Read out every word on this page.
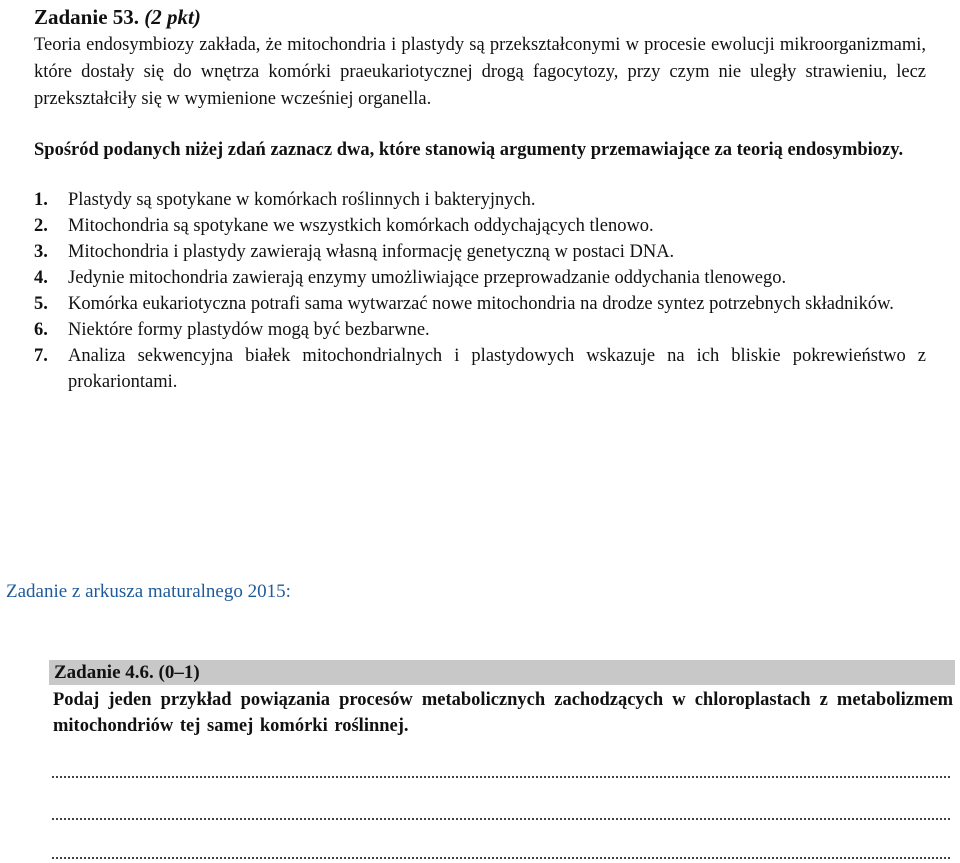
Zadanie 53. (2 pkt)

Teoria endosymbiozy zakłada, że mitochondria i plastydy są przekształconymi w procesie ewolucji mikroorganizmami, które dostały się do wnętrza komórki praeukariotycznej drogą fagocytozy, przy czym nie uległy strawieniu, lecz przekształciły się w wymienione wcześniej organella.

Spośród podanych niżej zdań zaznacz dwa, które stanowią argumenty przemawiające za teorią endosymbiozy.

1.	Plastydy są spotykane w komórkach roślinnych i bakteryjnych.
2.	Mitochondria są spotykane we wszystkich komórkach oddychających tlenowo.
3.	Mitochondria i plastydy zawierają własną informację genetyczną w postaci DNA.
4.	Jedynie mitochondria zawierają enzymy umożliwiające przeprowadzanie oddychania tlenowego.
5.	Komórka eukariotyczna potrafi sama wytwarzać nowe mitochondria na drodze syntez potrzebnych składników.
6.	Niektóre formy plastydów mogą być bezbarwne.
7.	Analiza sekwencyjna białek mitochondrialnych i plastydowych wskazuje na ich bliskie pokrewieństwo z prokariontami.
Zadanie z arkusza maturalnego 2015:
Zadanie 4.6. (0–1)
Podaj jeden przykład powiązania procesów metabolicznych zachodzących w chloroplastach z metabolizmem mitochondriów tej samej komórki roślinnej.
